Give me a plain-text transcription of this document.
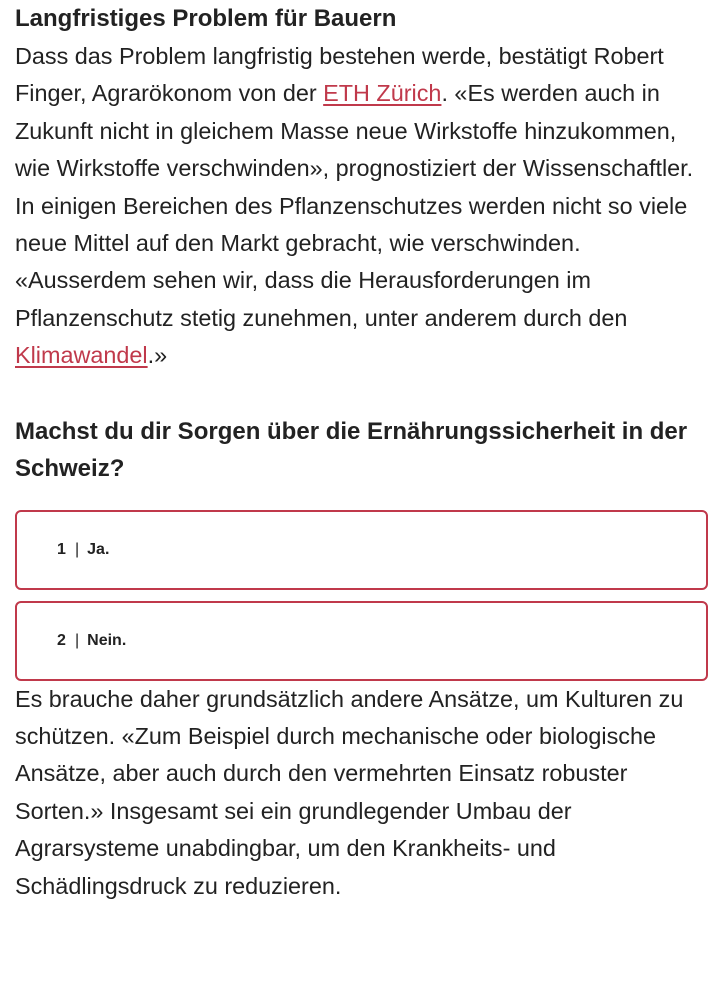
Langfristiges Problem für Bauern

Dass das Problem langfristig bestehen werde, bestätigt Robert Finger, Agrarökonom von der ETH Zürich. «Es werden auch in Zukunft nicht in gleichem Masse neue Wirkstoffe hinzukommen, wie Wirkstoffe verschwinden», prognostiziert der Wissenschaftler.

In einigen Bereichen des Pflanzenschutzes werden nicht so viele neue Mittel auf den Markt gebracht, wie verschwinden. «Ausserdem sehen wir, dass die Herausforderungen im Pflanzenschutz stetig zunehmen, unter anderem durch den Klimawandel.»

Machst du dir Sorgen über die Ernährungssicherheit in der Schweiz?
1 | Ja.
2 | Nein.

Es brauche daher grundsätzlich andere Ansätze, um Kulturen zu schützen. «Zum Beispiel durch mechanische oder biologische Ansätze, aber auch durch den vermehrten Einsatz robuster Sorten.» Insgesamt sei ein grundlegender Umbau der Agrarsysteme unabdingbar, um den Krankheits- und Schädlingsdruck zu reduzieren.
